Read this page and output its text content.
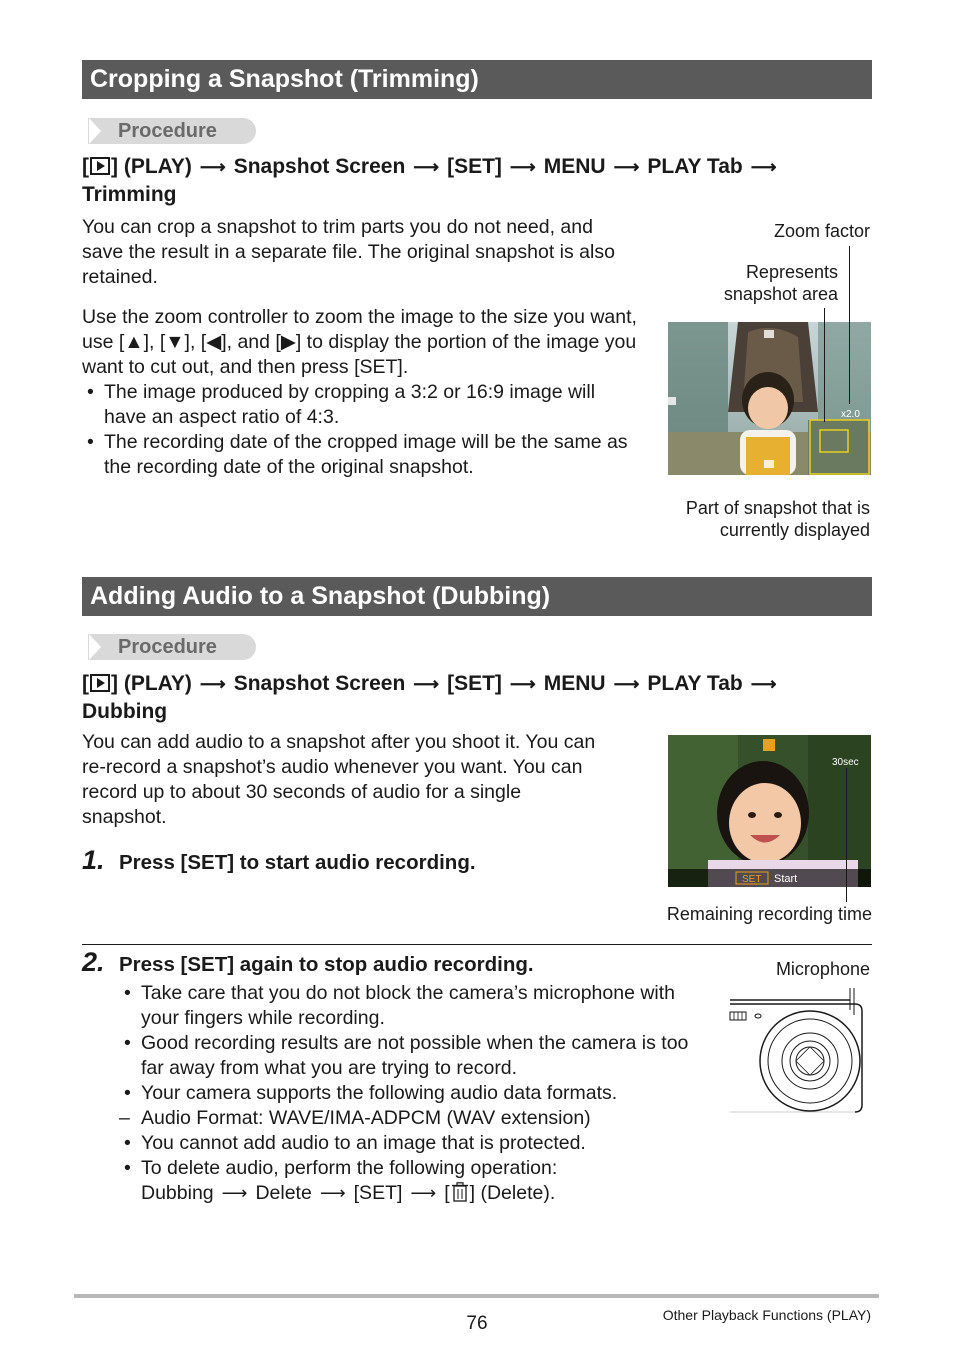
Cropping a Snapshot (Trimming)
Procedure
[ ] (PLAY) ⟶ Snapshot Screen ⟶ [SET] ⟶ MENU ⟶ PLAY Tab ⟶
Trimming

You can crop a snapshot to trim parts you do not need, and save the result in a separate file. The original snapshot is also retained.

Use the zoom controller to zoom the image to the size you want, use [▲], [▼], [◀], and [▶] to display the portion of the image you want to cut out, and then press [SET].

• The image produced by cropping a 3:2 or 16:9 image will have an aspect ratio of 4:3.

• The recording date of the cropped image will be the same as the recording date of the original snapshot.

Zoom factor
Represents snapshot area
x2.0
Part of snapshot that is currently displayed
Adding Audio to a Snapshot (Dubbing)
Procedure
[ ] (PLAY) ⟶ Snapshot Screen ⟶ [SET] ⟶ MENU ⟶ PLAY Tab ⟶
Dubbing

You can add audio to a snapshot after you shoot it. You can re-record a snapshot’s audio whenever you want. You can record up to about 30 seconds of audio for a single snapshot.

1. Press [SET] to start audio recording.
SET Start
30sec
Remaining recording time
2. Press [SET] again to stop audio recording.

• Take care that you do not block the camera’s microphone with your fingers while recording.

• Good recording results are not possible when the camera is too far away from what you are trying to record.

• Your camera supports the following audio data formats.

– Audio Format: WAVE/IMA-ADPCM (WAV extension)

• You cannot add audio to an image that is protected.

• To delete audio, perform the following operation:
Dubbing ⟶ Delete ⟶ [SET] ⟶ [ ] (Delete).

Microphone
76	Other Playback Functions (PLAY)
